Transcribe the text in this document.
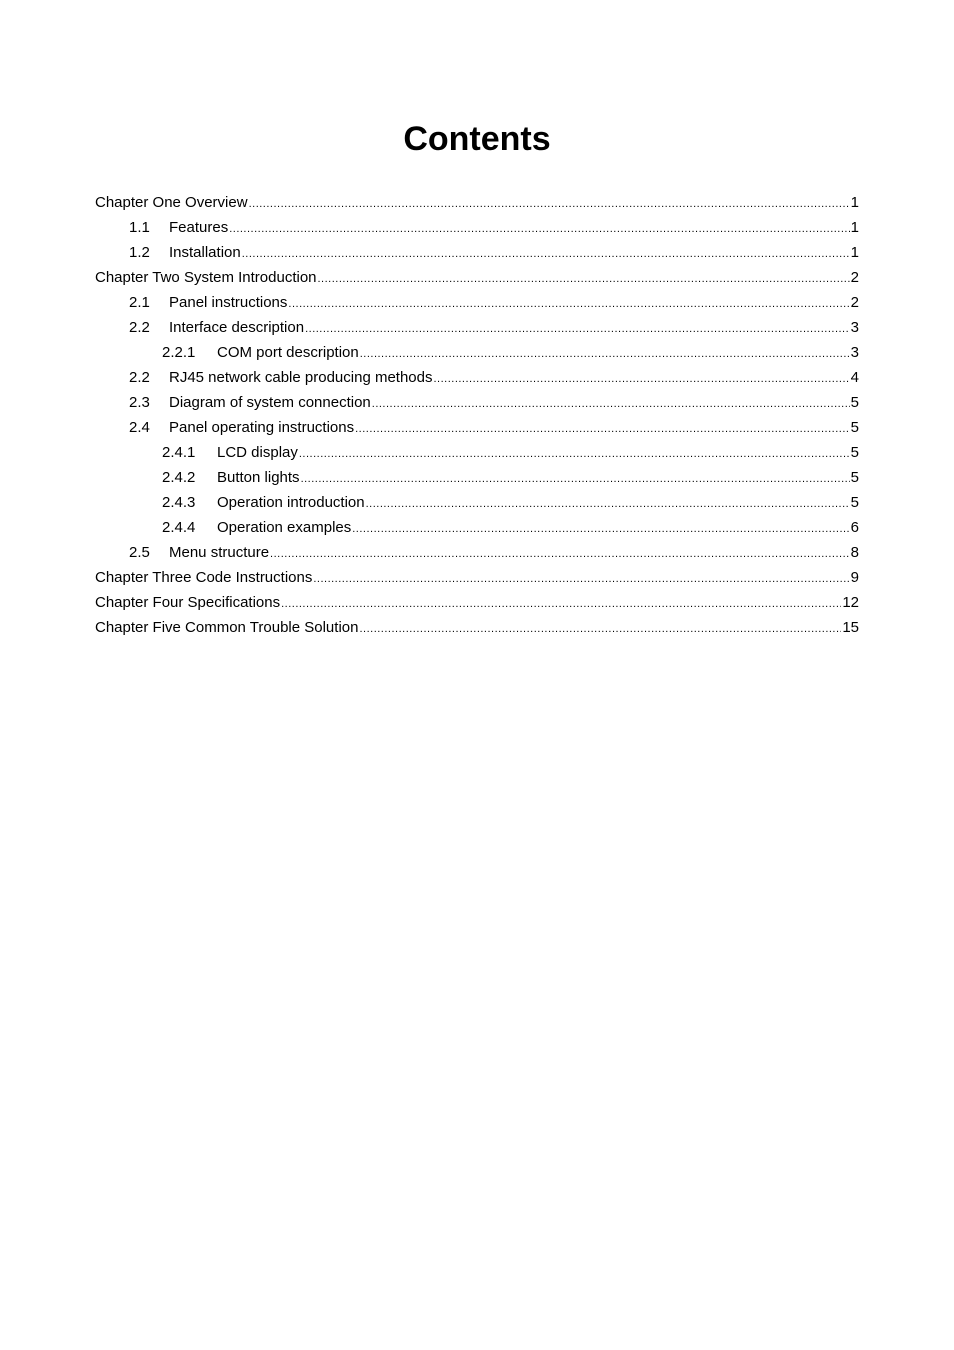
Contents
Chapter One Overview .....	1
1.1	Features .....	1
1.2	Installation .....	1
Chapter Two System Introduction .....	2
2.1	Panel instructions .....	2
2.2	Interface description .....	3
2.2.1	COM port description .....	3
2.2	RJ45 network cable producing methods .....	4
2.3	Diagram of system connection .....	5
2.4	Panel operating instructions .....	5
2.4.1	LCD display .....	5
2.4.2	Button lights .....	5
2.4.3	Operation introduction .....	5
2.4.4	Operation examples .....	6
2.5	Menu structure .....	8
Chapter Three Code Instructions .....	9
Chapter Four Specifications .....	12
Chapter Five Common Trouble Solution .....	15
